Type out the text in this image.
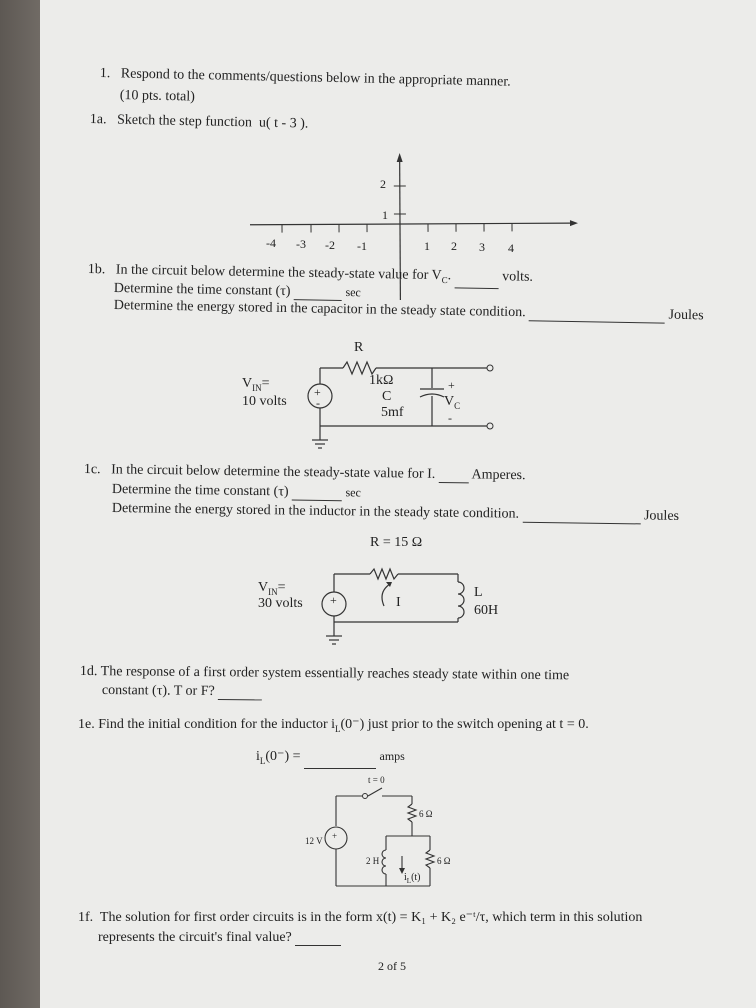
1. Respond to the comments/questions below in the appropriate manner.
(10 pts. total)
1a. Sketch the step function u( t - 3 ).
-4 -3 -2 -1	1 2 3 4
1
2
1b. In the circuit below determine the steady-state value for $V_C$.	volts.
Determine the time constant (τ)	sec
Determine the energy stored in the capacitor in the steady state condition.	Joules
+
-
$V_{IN}=$
10 volts
R
1kΩ
C
5mf
+
$V_C$
-
1c. In the circuit below determine the steady-state value for I.	Amperes.
Determine the time constant (τ)	sec
Determine the energy stored in the inductor in the steady state condition.	Joules
+
R = 15 Ω
$V_{IN}=$
30 volts	I
L
60H
1d. The response of a first order system essentially reaches steady state within one time
constant (τ). T or F?
1e. Find the initial condition for the inductor $i_L(0^-)$ just prior to the switch opening at t = 0.
$i_L(0^-)$ =	amps
t = 0
6 Ω
6 Ω
12 V +
2 H
$i_L(t)$
1f. The solution for first order circuits is in the form x(t) = K₁ + K₂ e⁻ᵗ/τ, which term in this solution
represents the circuit's final value?
2 of 5
